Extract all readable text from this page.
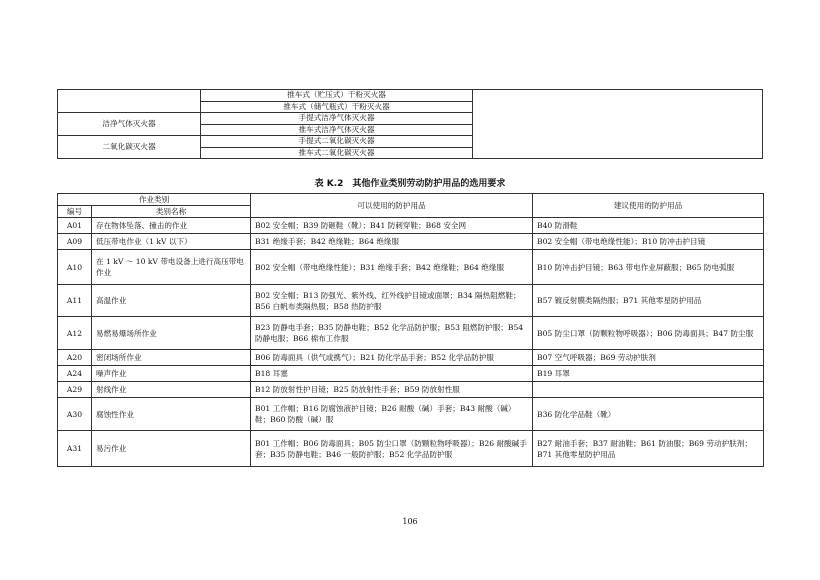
	推车式（贮压式）干粉灭火器	
	推车式（储气瓶式）干粉灭火器	
洁净气体灭火器	手提式洁净气体灭火器	
	推车式洁净气体灭火器	
二氧化碳灭火器	手提式二氧化碳灭火器	
	推车式二氧化碳灭火器	
表 K.2　其他作业类别劳动防护用品的选用要求
作业类别		可以使用的防护用品	建议使用的防护用品
编号	类别名称		
A01	存在物体坠落、撞击的作业	B02 安全帽；B39 防砸鞋（靴）；B41 防刺穿鞋；B68 安全网	B40 防滑鞋
A09	低压带电作业（1 kV 以下）	B31 绝缘手套；B42 绝缘鞋；B64 绝缘服	B02 安全帽（带电绝缘性能）；B10 防冲击护目镜
A10	在 1 kV ～ 10 kV 带电设备上进行高压带电作业	B02 安全帽（带电绝缘性能）；B31 绝缘手套；B42 绝缘鞋；B64 绝缘服	B10 防冲击护目镜；B63 带电作业屏蔽服；B65 防电弧服
A11	高温作业	B02 安全帽；B13 防强光、紫外线、红外线护目镜或面罩；B34 隔热阻燃鞋；B56 白帆布类隔热服；B58 热防护服	B57 镀反射膜类隔热服；B71 其他零星防护用品
A12	易燃易爆场所作业	B23 防静电手套；B35 防静电鞋；B52 化学品防护服；B53 阻燃防护服；B54 防静电服；B66 棉布工作服	B05 防尘口罩（防颗粒物呼吸器）；B06 防毒面具；B47 防尘服
A20	密闭场所作业	B06 防毒面具（供气或携气）；B21 防化学品手套；B52 化学品防护服	B07 空气呼吸器；B69 劳动护肤剂
A24	噪声作业	B18 耳塞	B19 耳罩
A29	射线作业	B12 防放射性护目镜；B25 防放射性手套；B59 防放射性服	
A30	腐蚀性作业	B01 工作帽；B16 防腐蚀液护目镜；B26 耐酸（碱）手套；B43 耐酸（碱）鞋；B60 防酸（碱）服	B36 防化学品鞋（靴）
A31	易污作业	B01 工作帽；B06 防毒面具；B05 防尘口罩（防颗粒物呼吸器）；B26 耐酸碱手套；B35 防静电鞋；B46 一般防护服；B52 化学品防护服	B27 耐油手套；B37 耐油鞋；B61 防油服；B69 劳动护肤剂；B71 其他零星防护用品
106
